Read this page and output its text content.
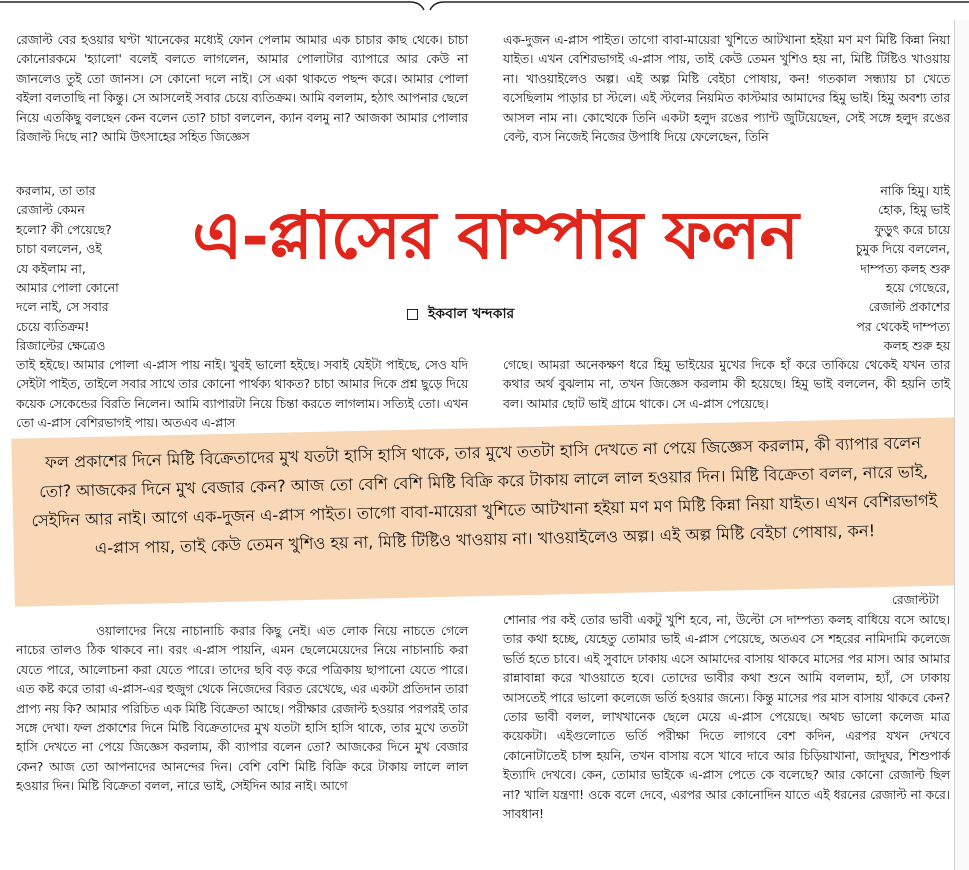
রেজাল্ট বের হওয়ার ঘণ্টা খানেকের মধ্যেই ফোন পেলাম আমার এক চাচার কাছ থেকে। চাচা কোনোরকমে 'হ্যালো' বলেই বলতে লাগলেন, আমার পোলাটার ব্যাপারে আর কেউ না জানলেও তুই তো জানস। সে কোনো দলে নাই। সে একা থাকতে পছন্দ করে। আমার পোলা বইলা বলতাছি না কিন্তু। সে আসলেই সবার চেয়ে ব্যতিক্রম। আমি বললাম, হঠাৎ আপনার ছেলে নিয়ে এতকিছু বলছেন কেন বলেন তো? চাচা বললেন, ক্যান বলমু না? আজকা আমার পোলার রিজাল্ট দিছে না? আমি উৎসাহের সহিত জিজ্ঞেস

করলাম, তা তার
রেজাল্ট কেমন
হলো? কী পেয়েছে?
চাচা বললেন, ওই
যে কইলাম না,
আমার পোলা কোনো
দলে নাই, সে সবার
চেয়ে ব্যতিক্রম!
রিজাল্টের ক্ষেত্রেও

তাই হইছে। আমার পোলা এ-প্লাস পায় নাই। খুবই ভালো হইছে। সবাই যেইটা পাইছে, সেও যদি সেইটা পাইত, তাইলে সবার সাথে তার কোনো পার্থক্য থাকত? চাচা আমার দিকে প্রশ্ন ছুড়ে দিয়ে কয়েক সেকেন্ডের বিরতি নিলেন। আমি ব্যাপারটা নিয়ে চিন্তা করতে লাগলাম। সত্যিই তো। এখন তো এ-প্লাস বেশিরভাগই পায়। অতএব এ-প্লাস

এক-দুজন এ-প্লাস পাইত। তাগো বাবা-মায়েরা খুশিতে আটখানা হইয়া মণ মণ মিষ্টি কিন্না নিয়া যাইত। এখন বেশিরভাগই এ-প্লাস পায়, তাই কেউ তেমন খুশিও হয় না, মিষ্টি টিষ্টিও খাওয়ায় না। খাওয়াইলেও অল্প। এই অল্প মিষ্টি বেইচা পোষায়, কন! গতকাল সন্ধ্যায় চা খেতে বসেছিলাম পাড়ার চা স্টলে। এই স্টলের নিয়মিত কাস্টমার আমাদের হিমু ভাই। হিমু অবশ্য তার আসল নাম না। কোত্থেকে তিনি একটা হলুদ রঙের প্যান্ট জুটিয়েছেন, সেই সঙ্গে হলুদ রঙের বেল্ট, ব্যস নিজেই নিজের উপাধি দিয়ে ফেলেছেন, তিনি

নাকি হিমু। যাই
হোক, হিমু ভাই
ফুড়ুৎ করে চায়ে
চুমুক দিয়ে বললেন,
দাম্পত্য কলহ শুরু
হয়ে গেছেরে,
রেজাল্ট প্রকাশের
পর থেকেই দাম্পত্য
কলহ শুরু হয়

গেছে। আমরা অনেকক্ষণ ধরে হিমু ভাইয়ের মুখের দিকে হাঁ করে তাকিয়ে থেকেই যখন তার কথার অর্থ বুঝলাম না, তখন জিজ্ঞেস করলাম কী হয়েছে। হিমু ভাই বললেন, কী হয়নি তাই বল। আমার ছোট ভাই গ্রামে থাকে। সে এ-প্লাস পেয়েছে।

এ-প্লাসের বাম্পার ফলন
ইকবাল খন্দকার
ফল প্রকাশের দিনে মিষ্টি বিক্রেতাদের মুখ যতটা হাসি হাসি থাকে, তার মুখে ততটা হাসি দেখতে না পেয়ে জিজ্ঞেস করলাম, কী ব্যাপার বলেন তো? আজকের দিনে মুখ বেজার কেন? আজ তো বেশি বেশি মিষ্টি বিক্রি করে টাকায় লালে লাল হওয়ার দিন। মিষ্টি বিক্রেতা বলল, নারে ভাই, সেইদিন আর নাই। আগে এক-দুজন এ-প্লাস পাইত। তাগো বাবা-মায়েরা খুশিতে আটখানা হইয়া মণ মণ মিষ্টি কিন্না নিয়া যাইত। এখন বেশিরভাগই এ-প্লাস পায়, তাই কেউ তেমন খুশিও হয় না, মিষ্টি টিষ্টিও খাওয়ায় না। খাওয়াইলেও অল্প। এই অল্প মিষ্টি বেইচা পোষায়, কন!
রেজাল্টটা

ওয়ালাদের নিয়ে নাচানাচি করার কিছু নেই। এত লোক নিয়ে নাচতে গেলে নাচের তালও ঠিক থাকবে না। বরং এ-প্লাস পায়নি, এমন ছেলেমেয়েদের নিয়ে নাচানাচি করা যেতে পারে, আলোচনা করা যেতে পারে। তাদের ছবি বড় করে পত্রিকায় ছাপানো যেতে পারে। এত কষ্ট করে তারা এ-প্লাস-এর হুজুগ থেকে নিজেদের বিরত রেখেছে, এর একটা প্রতিদান তারা প্রাপ্য নয় কি? আমার পরিচিত এক মিষ্টি বিক্রেতা আছে। পরীক্ষার রেজাল্ট হওয়ার পরপরই তার সঙ্গে দেখা। ফল প্রকাশের দিনে মিষ্টি বিক্রেতাদের মুখ যতটা হাসি হাসি থাকে, তার মুখে ততটা হাসি দেখতে না পেয়ে জিজ্ঞেস করলাম, কী ব্যাপার বলেন তো? আজকের দিনে মুখ বেজার কেন? আজ তো আপনাদের আনন্দের দিন। বেশি বেশি মিষ্টি বিক্রি করে টাকায় লালে লাল হওয়ার দিন। মিষ্টি বিক্রেতা বলল, নারে ভাই, সেইদিন আর নাই। আগে

শোনার পর কই তোর ভাবী একটু খুশি হবে, না, উল্টো সে দাম্পত্য কলহ বাধিয়ে বসে আছে। তার কথা হচ্ছে, যেহেতু তোমার ভাই এ-প্লাস পেয়েছে, অতএব সে শহরের নামিদামি কলেজে ভর্তি হতে চাবে। এই সুবাদে ঢাকায় এসে আমাদের বাসায় থাকবে মাসের পর মাস। আর আমার রান্নাবান্না করে খাওয়াতে হবে। তোদের ভাবীর কথা শুনে আমি বললাম, হ্যাঁ, সে ঢাকায় আসতেই পারে ভালো কলেজে ভর্তি হওয়ার জন্যে। কিন্তু মাসের পর মাস বাসায় থাকবে কেন? তোর ভাবী বলল, লাখখানেক ছেলে মেয়ে এ-প্লাস পেয়েছে। অথচ ভালো কলেজ মাত্র কয়েকটা। এইগুলোতে ভর্তি পরীক্ষা দিতে লাগবে বেশ কদিন, এরপর যখন দেখবে কোনোটাতেই চান্স হয়নি, তখন বাসায় বসে খাবে দাবে আর চিড়িয়াখানা, জাদুঘর, শিশুপার্ক ইত্যাদি দেখবে। কেন, তোমার ভাইকে এ-প্লাস পেতে কে বলেছে? আর কোনো রেজাল্ট ছিল না? খালি যন্ত্রণা! ওকে বলে দেবে, এরপর আর কোনোদিন যাতে এই ধরনের রেজাল্ট না করে। সাবধান!
